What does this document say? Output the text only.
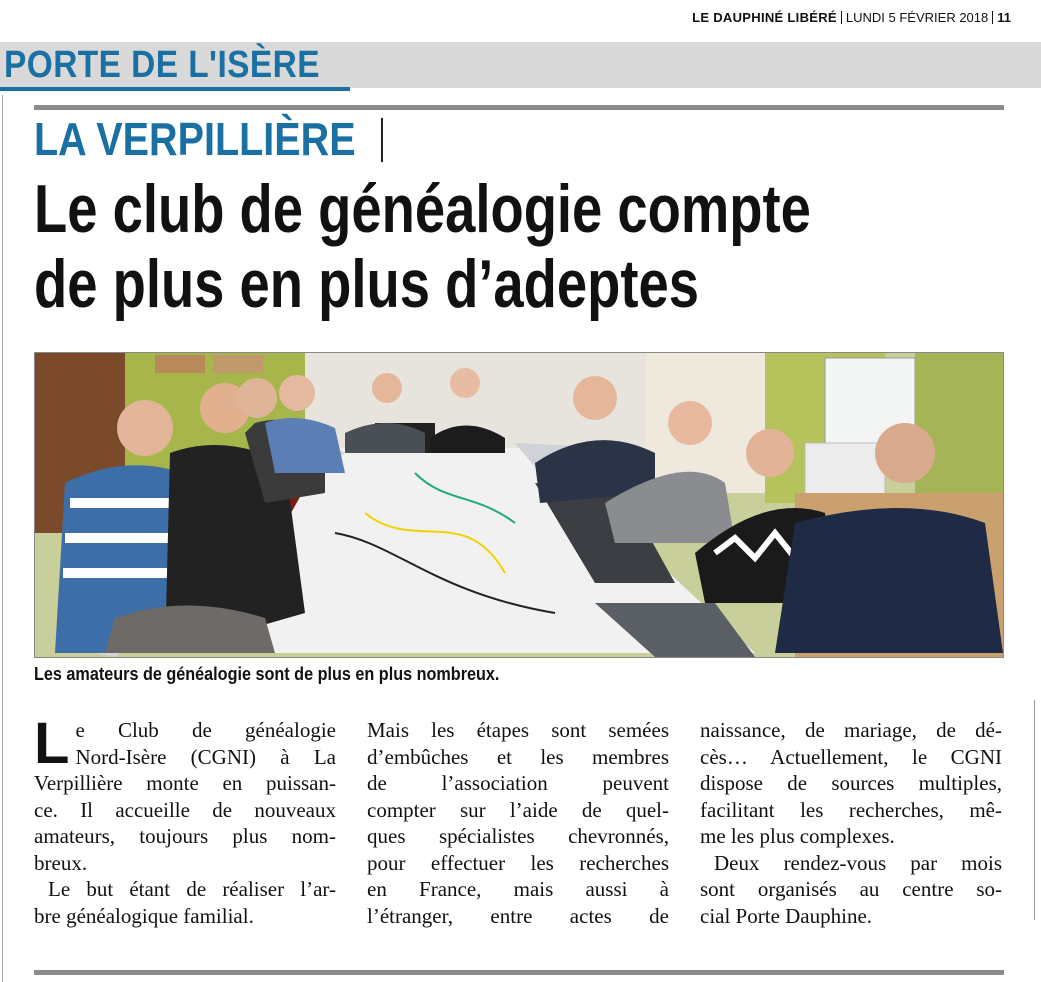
LE DAUPHINÉ LIBÉRÉ LUNDI 5 FÉVRIER 2018 11
PORTE DE L'ISÈRE
LA VERPILLIÈRE
Le club de généalogie compte
de plus en plus d’adeptes
Les amateurs de généalogie sont de plus en plus nombreux.
L e Club de généalogie
Nord-Isère (CGNI) à La
Verpillière monte en puissan-
ce. Il accueille de nouveaux
amateurs, toujours plus nom-
breux.
Le but étant de réaliser l’ar-
bre généalogique familial.
Mais les étapes sont semées
d’embûches et les membres
de l’association peuvent
compter sur l’aide de quel-
ques spécialistes chevronnés,
pour effectuer les recherches
en France, mais aussi à
l’étranger, entre actes de
naissance, de mariage, de dé-
cès… Actuellement, le CGNI
dispose de sources multiples,
facilitant les recherches, mê-
me les plus complexes.
Deux rendez-vous par mois
sont organisés au centre so-
cial Porte Dauphine.
